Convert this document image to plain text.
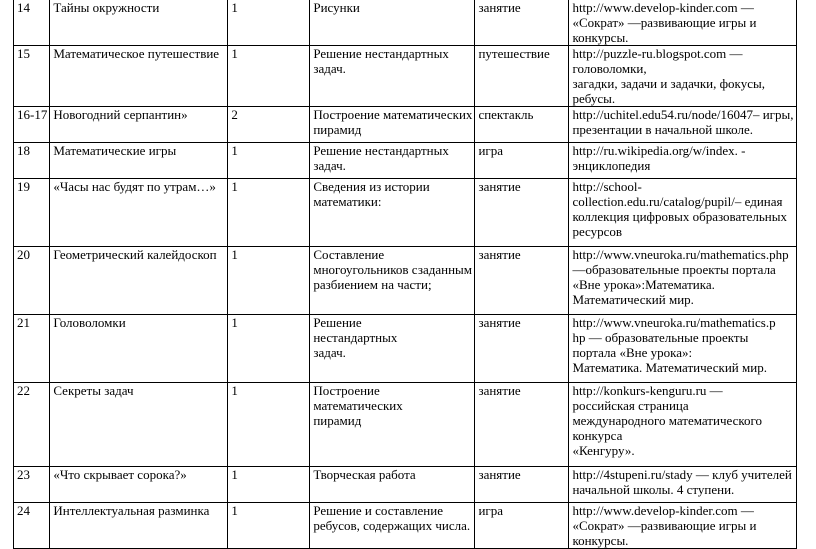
14	Тайны окружности	1	Рисунки	занятие	http://www.develop-kinder.com —
«Сократ» —развивающие игры и
конкурсы.

15	Математическое путешествие	1	Решение нестандартных
задач.	путешествие	http://puzzle-ru.blogspot.com —
головоломки,
загадки, задачи и задачки, фокусы,
ребусы.

16-17	Новогодний серпантин»	2	Построение математических
пирамид	спектакль	http://uchitel.edu54.ru/node/16047– игры,
презентации в начальной школе.

18	Математические игры	1	Решение нестандартных
задач.	игра	http://ru.wikipedia.org/w/index. -
энциклопедия

19	«Часы нас будят по утрам…»	1	Сведения из истории
математики:	занятие	http://school-
collection.edu.ru/catalog/pupil/– единая
коллекция цифровых образовательных
ресурсов

20	Геометрический калейдоскоп	1	Составление
многоугольников сзаданным
разбиением на части;	занятие	http://www.vneuroka.ru/mathematics.php
—образовательные проекты портала
«Вне урока»:Математика.
Математический мир.

21	Головоломки	1	Решение
нестандартных
задач.	занятие	http://www.vneuroka.ru/mathematics.p
hp — образовательные проекты
портала «Вне урока»:
Математика. Математический мир.

22	Секреты задач	1	Построение
математических
пирамид	занятие	http://konkurs-kenguru.ru —
российская страница
международного математического
конкурса
«Кенгуру».

23	«Что скрывает сорока?»	1	Творческая работа	занятие	http://4stupeni.ru/stady — клуб учителей
начальной школы. 4 ступени.

24	Интеллектуальная разминка	1	Решение и составление
ребусов, содержащих числа.	игра	http://www.develop-kinder.com —
«Сократ» —развивающие игры и
конкурсы.
